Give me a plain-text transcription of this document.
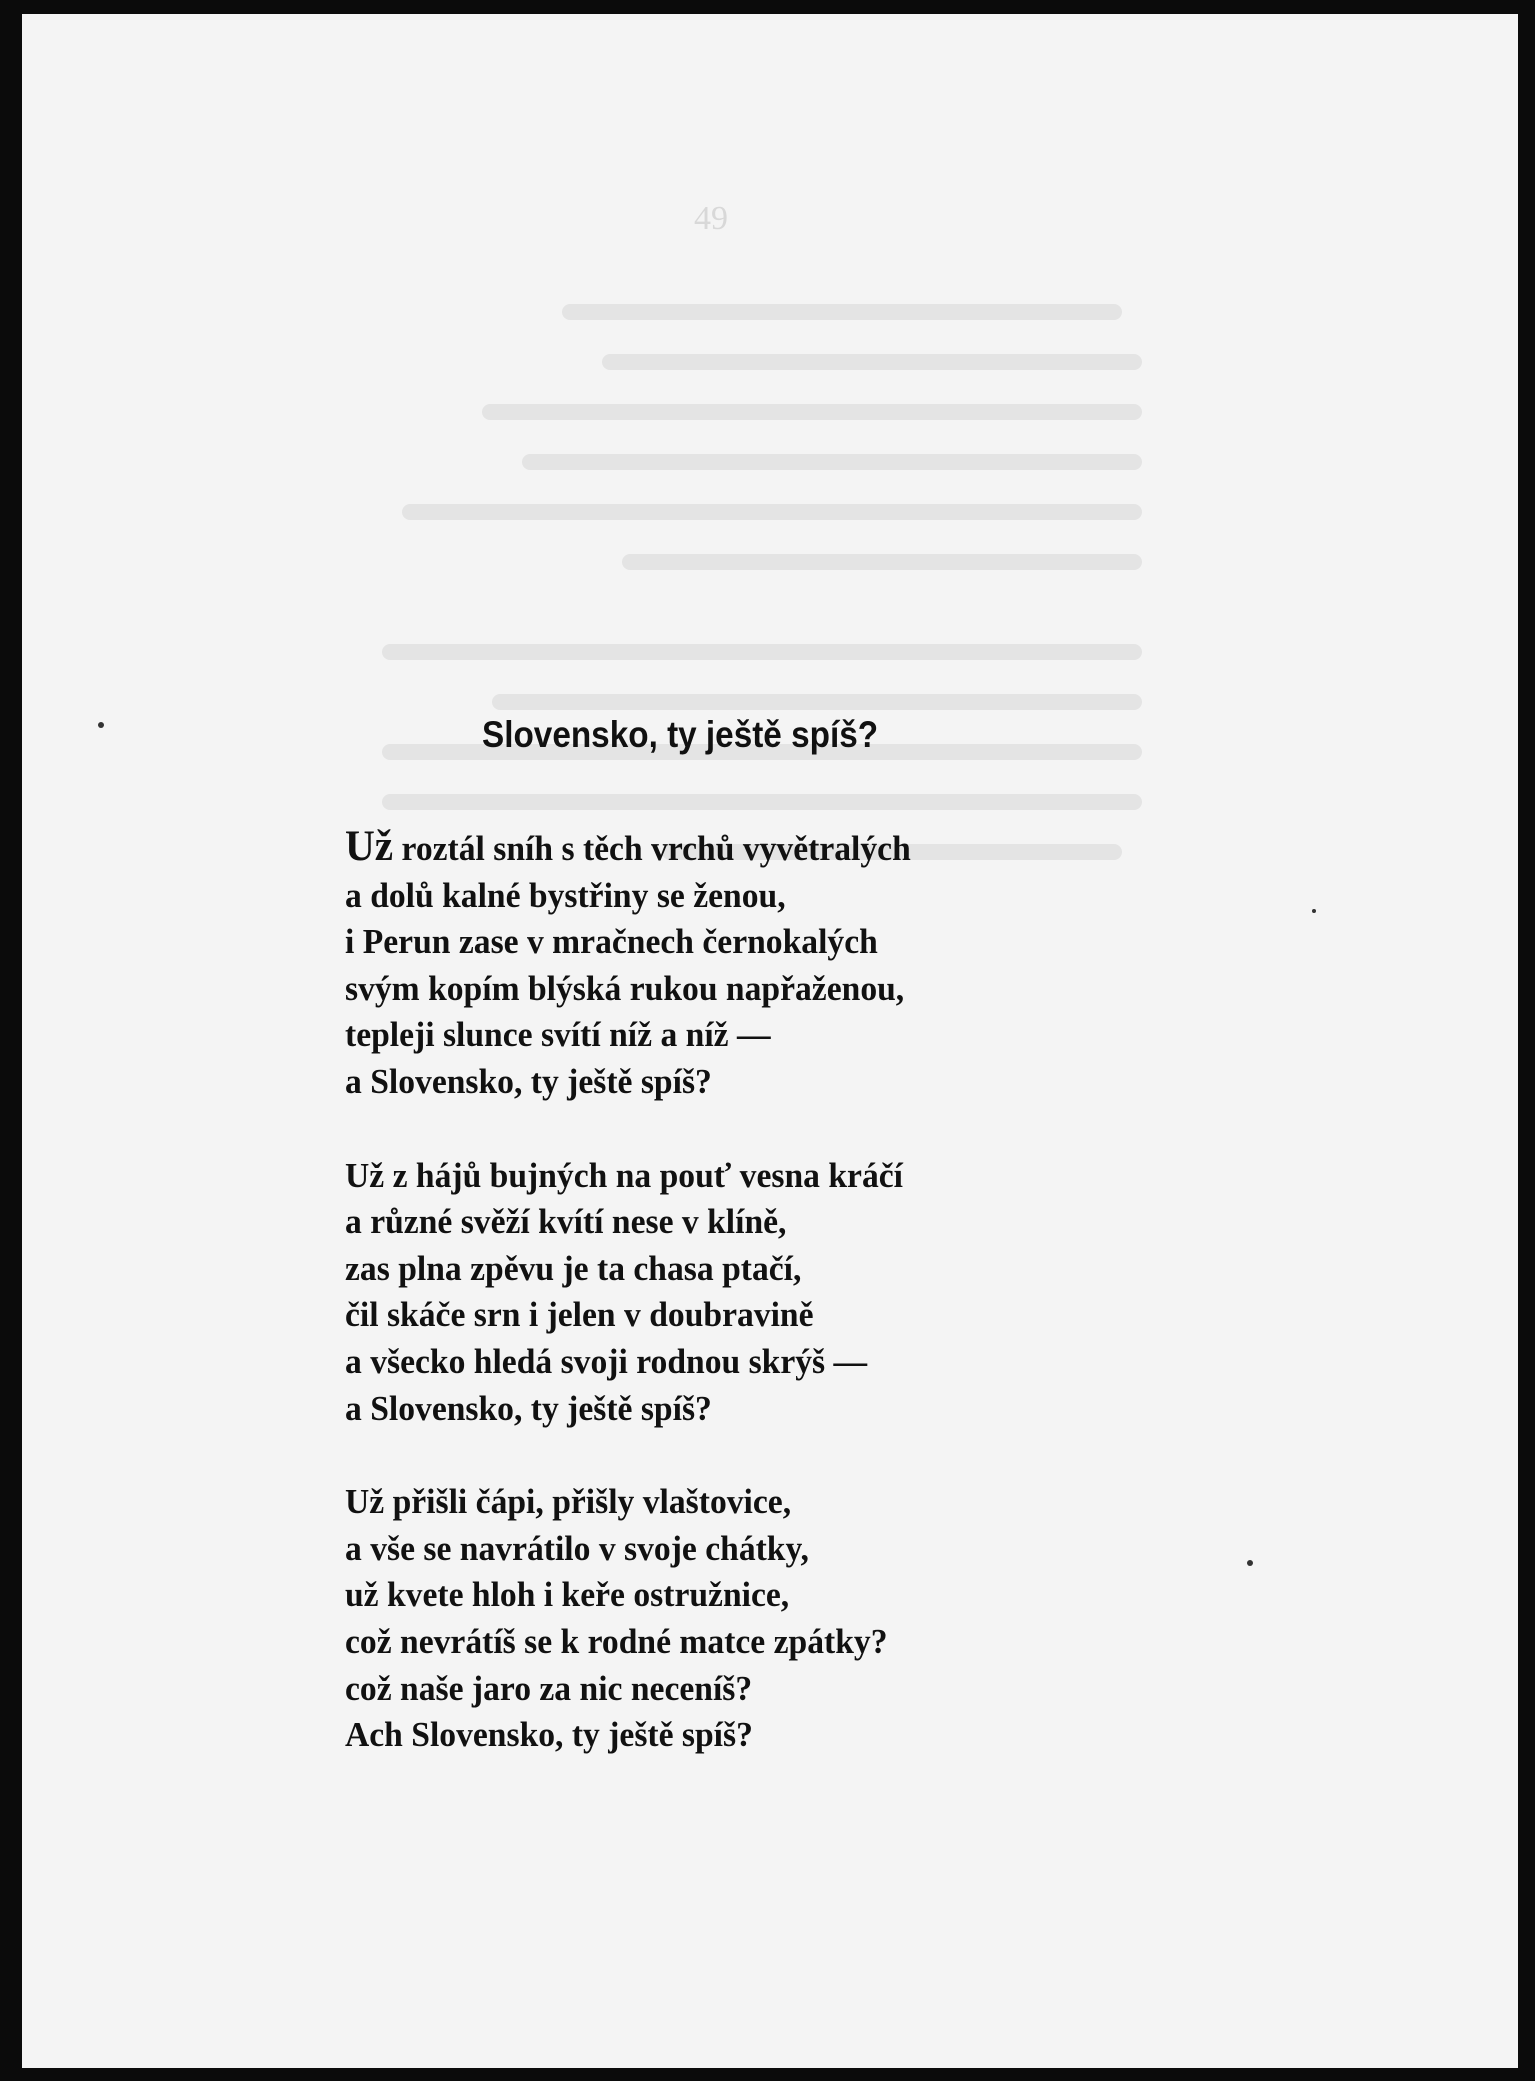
49
Slovensko, ty ještě spíš?
Už roztál sníh s těch vrchů vyvětralých
a dolů kalné bystřiny se ženou,
i Perun zase v mračnech černokalých
svým kopím blýská rukou napřaženou,
tepleji slunce svítí níž a níž —
a Slovensko, ty ještě spíš?
Už z hájů bujných na pouť vesna kráčí
a různé svěží kvítí nese v klíně,
zas plna zpěvu je ta chasa ptačí,
čil skáče srn i jelen v doubravině
a všecko hledá svoji rodnou skrýš —
a Slovensko, ty ještě spíš?
Už přišli čápi, přišly vlaštovice,
a vše se navrátilo v svoje chátky,
už kvete hloh i keře ostružnice,
což nevrátíš se k rodné matce zpátky?
což naše jaro za nic neceníš?
Ach Slovensko, ty ještě spíš?
